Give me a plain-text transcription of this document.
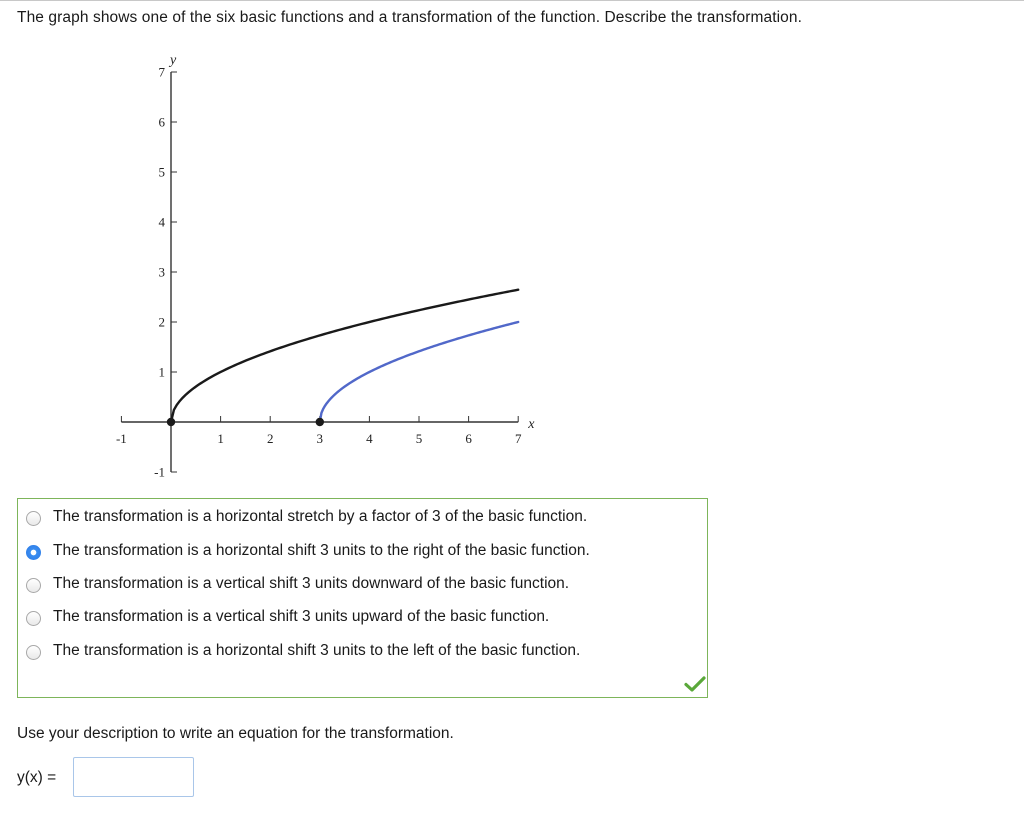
The graph shows one of the six basic functions and a transformation of the function. Describe the transformation.
-1	1	2	3	4	5	6	7
-1
1
2
3
4
5
6
7
x
y
The transformation is a horizontal stretch by a factor of 3 of the basic function.
The transformation is a horizontal shift 3 units to the right of the basic function.
The transformation is a vertical shift 3 units downward of the basic function.
The transformation is a vertical shift 3 units upward of the basic function.
The transformation is a horizontal shift 3 units to the left of the basic function.
Use your description to write an equation for the transformation.
y(x) =
